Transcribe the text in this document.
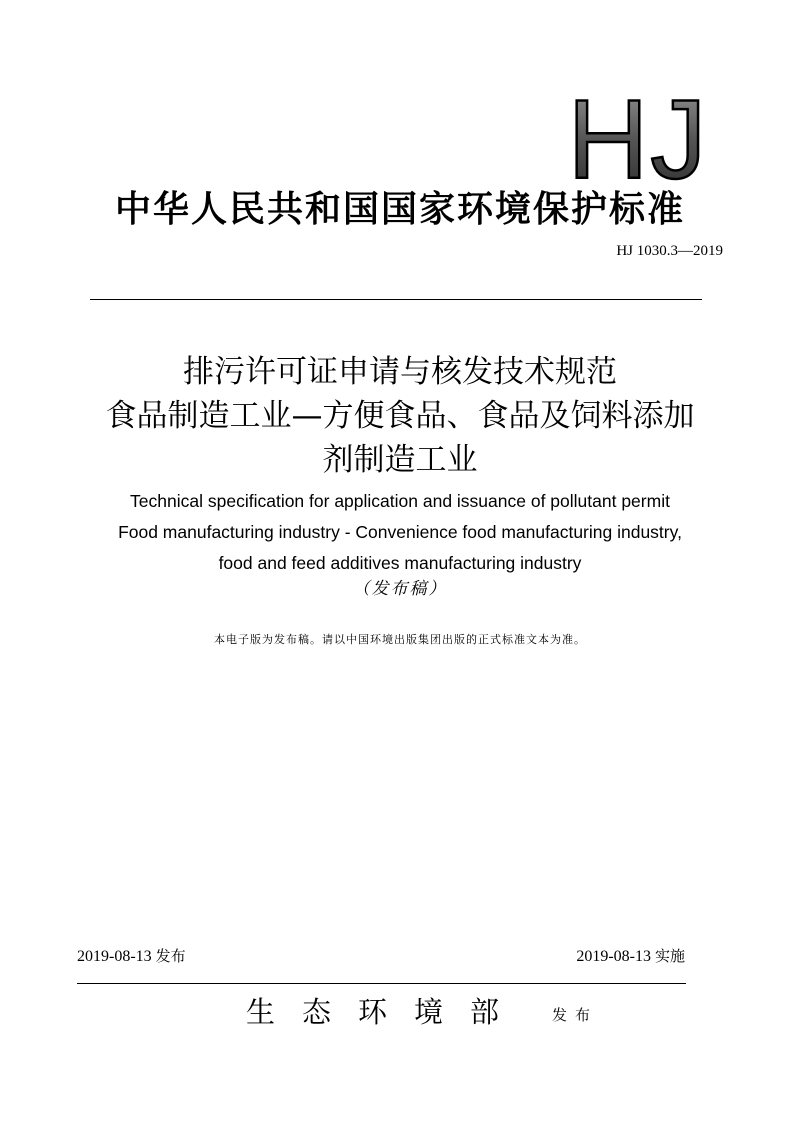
HJ
中华人民共和国国家环境保护标准
HJ 1030.3—2019
排污许可证申请与核发技术规范
食品制造工业—方便食品、食品及饲料添加
剂制造工业
Technical specification for application and issuance of pollutant permit
Food manufacturing industry - Convenience food manufacturing industry,
food and feed additives manufacturing industry
（发布稿）
本电子版为发布稿。请以中国环境出版集团出版的正式标准文本为准。
2019-08-13 发布	2019-08-13 实施
生态环境部 发布
